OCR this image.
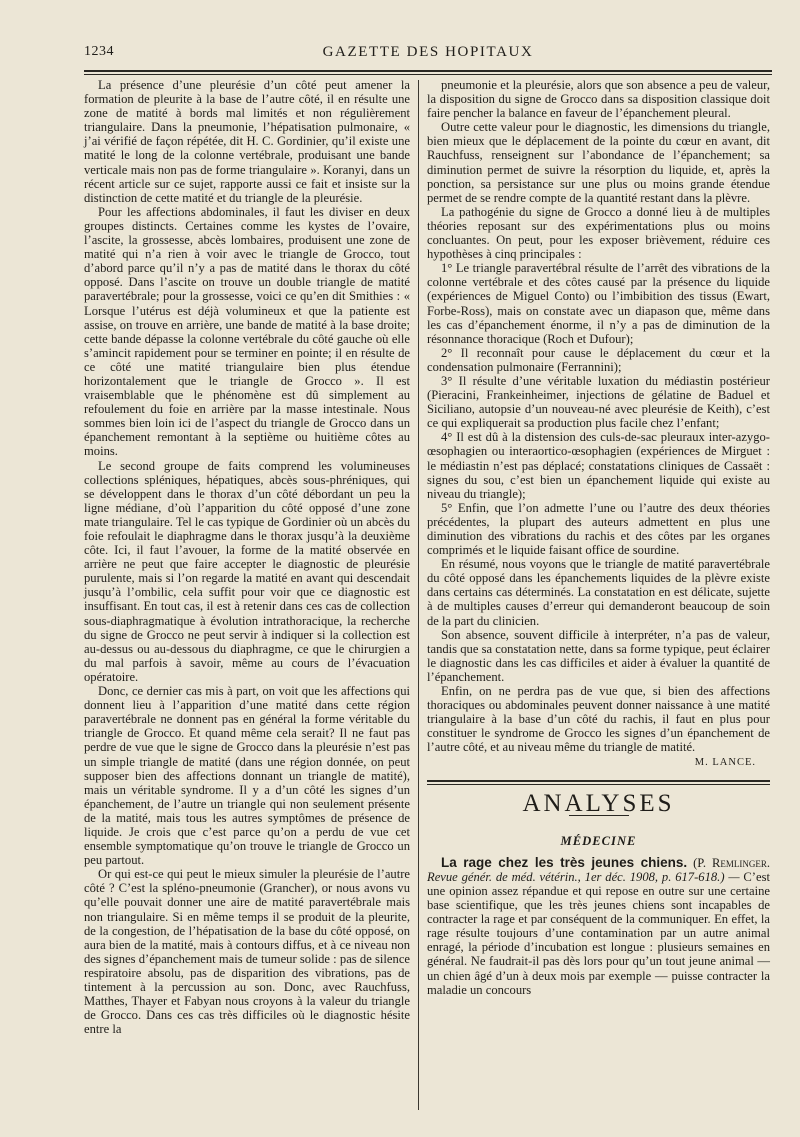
1234	GAZETTE DES HOPITAUX

La présence d’une pleurésie d’un côté peut amener la formation de pleurite à la base de l’autre côté, il en résulte une zone de matité à bords mal limités et non régulièrement triangulaire. Dans la pneumonie, l’hépatisation pulmonaire, « j’ai vérifié de façon répétée, dit H. C. Gordinier, qu’il existe une matité le long de la colonne vertébrale, produisant une bande verticale mais non pas de forme triangulaire ». Koranyi, dans un récent article sur ce sujet, rapporte aussi ce fait et insiste sur la distinction de cette matité et du triangle de la pleurésie.

Pour les affections abdominales, il faut les diviser en deux groupes distincts. Certaines comme les kystes de l’ovaire, l’ascite, la grossesse, abcès lombaires, produisent une zone de matité qui n’a rien à voir avec le triangle de Grocco, tout d’abord parce qu’il n’y a pas de matité dans le thorax du côté opposé. Dans l’ascite on trouve un double triangle de matité paravertébrale; pour la grossesse, voici ce qu’en dit Smithies : « Lorsque l’utérus est déjà volumineux et que la patiente est assise, on trouve en arrière, une bande de matité à la base droite; cette bande dépasse la colonne vertébrale du côté gauche où elle s’amincit rapidement pour se terminer en pointe; il en résulte de ce côté une matité triangulaire bien plus étendue horizontalement que le triangle de Grocco ». Il est vraisemblable que le phénomène est dû simplement au refoulement du foie en arrière par la masse intestinale. Nous sommes bien loin ici de l’aspect du triangle de Grocco dans un épanchement remontant à la septième ou huitième côtes au moins.

Le second groupe de faits comprend les volumineuses collections spléniques, hépatiques, abcès sous-phréniques, qui se développent dans le thorax d’un côté débordant un peu la ligne médiane, d’où l’apparition du côté opposé d’une zone mate triangulaire. Tel le cas typique de Gordinier où un abcès du foie refoulait le diaphragme dans le thorax jusqu’à la deuxième côte. Ici, il faut l’avouer, la forme de la matité observée en arrière ne peut que faire accepter le diagnostic de pleurésie purulente, mais si l’on regarde la matité en avant qui descendait jusqu’à l’ombilic, cela suffit pour voir que ce diagnostic est insuffisant. En tout cas, il est à retenir dans ces cas de collection sous-diaphragmatique à évolution intrathoracique, la recherche du signe de Grocco ne peut servir à indiquer si la collection est au-dessus ou au-dessous du diaphragme, ce que le chirurgien a du mal parfois à savoir, même au cours de l’évacuation opératoire.

Donc, ce dernier cas mis à part, on voit que les affections qui donnent lieu à l’apparition d’une matité dans cette région paravertébrale ne donnent pas en général la forme véritable du triangle de Grocco. Et quand même cela serait? Il ne faut pas perdre de vue que le signe de Grocco dans la pleurésie n’est pas un simple triangle de matité (dans une région donnée, on peut supposer bien des affections donnant un triangle de matité), mais un véritable syndrome. Il y a d’un côté les signes d’un épanchement, de l’autre un triangle qui non seulement présente de la matité, mais tous les autres symptômes de présence de liquide. Je crois que c’est parce qu’on a perdu de vue cet ensemble symptomatique qu’on trouve le triangle de Grocco un peu partout.

Or qui est-ce qui peut le mieux simuler la pleurésie de l’autre côté ? C’est la spléno-pneumonie (Grancher), or nous avons vu qu’elle pouvait donner une aire de matité paravertébrale mais non triangulaire. Si en même temps il se produit de la pleurite, de la congestion, de l’hépatisation de la base du côté opposé, on aura bien de la matité, mais à contours diffus, et à ce niveau non des signes d’épanchement mais de tumeur solide : pas de silence respiratoire absolu, pas de disparition des vibrations, pas de tintement à la percussion au son. Donc, avec Rauchfuss, Matthes, Thayer et Fabyan nous croyons à la valeur du triangle de Grocco. Dans ces cas très difficiles où le diagnostic hésite entre la

pneumonie et la pleurésie, alors que son absence a peu de valeur, la disposition du signe de Grocco dans sa disposition classique doit faire pencher la balance en faveur de l’épanchement pleural.

Outre cette valeur pour le diagnostic, les dimensions du triangle, bien mieux que le déplacement de la pointe du cœur en avant, dit Rauchfuss, renseignent sur l’abondance de l’épanchement; sa diminution permet de suivre la résorption du liquide, et, après la ponction, sa persistance sur une plus ou moins grande étendue permet de se rendre compte de la quantité restant dans la plèvre.

La pathogénie du signe de Grocco a donné lieu à de multiples théories reposant sur des expérimentations plus ou moins concluantes. On peut, pour les exposer brièvement, réduire ces hypothèses à cinq principales :

1° Le triangle paravertébral résulte de l’arrêt des vibrations de la colonne vertébrale et des côtes causé par la présence du liquide (expériences de Miguel Conto) ou l’imbibition des tissus (Ewart, Forbe-Ross), mais on constate avec un diapason que, même dans les cas d’épanchement énorme, il n’y a pas de diminution de la résonnance thoracique (Roch et Dufour);

2° Il reconnaît pour cause le déplacement du cœur et la condensation pulmonaire (Ferrannini);

3° Il résulte d’une véritable luxation du médiastin postérieur (Pieracini, Frankeinheimer, injections de gélatine de Baduel et Siciliano, autopsie d’un nouveau-né avec pleurésie de Keith), c’est ce qui expliquerait sa production plus facile chez l’enfant;

4° Il est dû à la distension des culs-de-sac pleuraux inter-azygo-œsophagien ou interaortico-œsophagien (expériences de Mirguet : le médiastin n’est pas déplacé; constatations cliniques de Cassaët : signes du sou, c’est bien un épanchement liquide qui existe au niveau du triangle);

5° Enfin, que l’on admette l’une ou l’autre des deux théories précédentes, la plupart des auteurs admettent en plus une diminution des vibrations du rachis et des côtes par les organes comprimés et le liquide faisant office de sourdine.

En résumé, nous voyons que le triangle de matité paravertébrale du côté opposé dans les épanchements liquides de la plèvre existe dans certains cas déterminés. La constatation en est délicate, sujette à de multiples causes d’erreur qui demanderont beaucoup de soin de la part du clinicien.

Son absence, souvent difficile à interpréter, n’a pas de valeur, tandis que sa constatation nette, dans sa forme typique, peut éclairer le diagnostic dans les cas difficiles et aider à évaluer la quantité de l’épanchement.

Enfin, on ne perdra pas de vue que, si bien des affections thoraciques ou abdominales peuvent donner naissance à une matité triangulaire à la base d’un côté du rachis, il faut en plus pour constituer le syndrome de Grocco les signes d’un épanchement de l’autre côté, et au niveau même du triangle de matité.

M. LANCE.
ANALYSES
MÉDECINE

La rage chez les très jeunes chiens. (P. Remlinger. Revue génér. de méd. vétérin., 1er déc. 1908, p. 617-618.) — C’est une opinion assez répandue et qui repose en outre sur une certaine base scientifique, que les très jeunes chiens sont incapables de contracter la rage et par conséquent de la communiquer. En effet, la rage résulte toujours d’une contamination par un autre animal enragé, la période d’incubation est longue : plusieurs semaines en général. Ne faudrait-il pas dès lors pour qu’un tout jeune animal — un chien âgé d’un à deux mois par exemple — puisse contracter la maladie un concours
